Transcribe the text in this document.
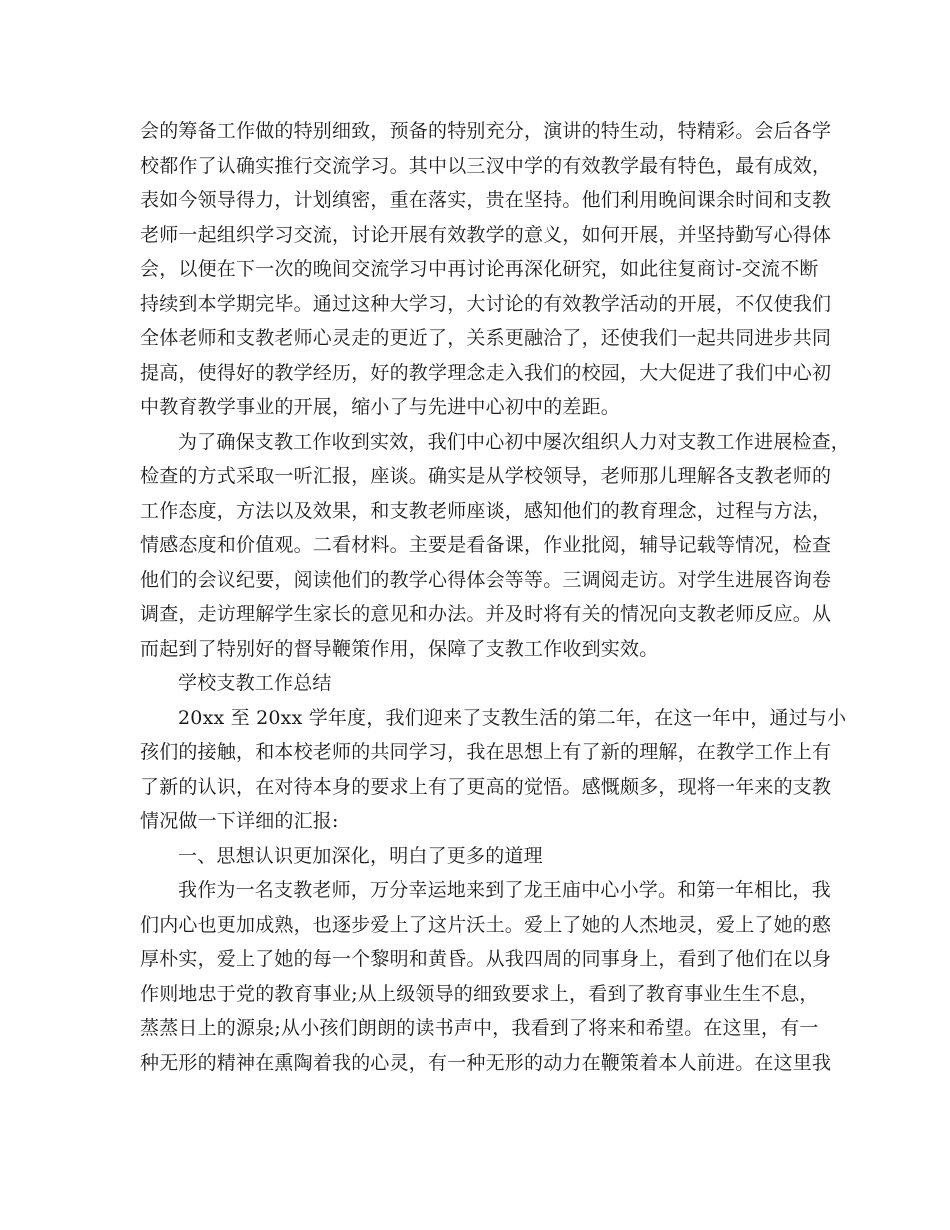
会的筹备工作做的特别细致，预备的特别充分，演讲的特生动，特精彩。会后各学
校都作了认确实推行交流学习。其中以三汊中学的有效教学最有特色，最有成效，
表如今领导得力，计划缜密，重在落实，贵在坚持。他们利用晚间课余时间和支教
老师一起组织学习交流，讨论开展有效教学的意义，如何开展，并坚持勤写心得体
会，以便在下一次的晚间交流学习中再讨论再深化研究，如此往复商讨-交流不断
持续到本学期完毕。通过这种大学习，大讨论的有效教学活动的开展，不仅使我们
全体老师和支教老师心灵走的更近了，关系更融洽了，还使我们一起共同进步共同
提高，使得好的教学经历，好的教学理念走入我们的校园，大大促进了我们中心初
中教育教学事业的开展，缩小了与先进中心初中的差距。
为了确保支教工作收到实效，我们中心初中屡次组织人力对支教工作进展检查，
检查的方式采取一听汇报，座谈。确实是从学校领导，老师那儿理解各支教老师的
工作态度，方法以及效果，和支教老师座谈，感知他们的教育理念，过程与方法，
情感态度和价值观。二看材料。主要是看备课，作业批阅，辅导记载等情况，检查
他们的会议纪要，阅读他们的教学心得体会等等。三调阅走访。对学生进展咨询卷
调查，走访理解学生家长的意见和办法。并及时将有关的情况向支教老师反应。从
而起到了特别好的督导鞭策作用，保障了支教工作收到实效。
学校支教工作总结
20xx 至 20xx 学年度，我们迎来了支教生活的第二年，在这一年中，通过与小
孩们的接触，和本校老师的共同学习，我在思想上有了新的理解，在教学工作上有
了新的认识，在对待本身的要求上有了更高的觉悟。感慨颇多，现将一年来的支教
情况做一下详细的汇报:
一、思想认识更加深化，明白了更多的道理
我作为一名支教老师，万分幸运地来到了龙王庙中心小学。和第一年相比，我
们内心也更加成熟，也逐步爱上了这片沃土。爱上了她的人杰地灵，爱上了她的憨
厚朴实，爱上了她的每一个黎明和黄昏。从我四周的同事身上，看到了他们在以身
作则地忠于党的教育事业;从上级领导的细致要求上，看到了教育事业生生不息，
蒸蒸日上的源泉;从小孩们朗朗的读书声中，我看到了将来和希望。在这里，有一
种无形的精神在熏陶着我的心灵，有一种无形的动力在鞭策着本人前进。在这里我
